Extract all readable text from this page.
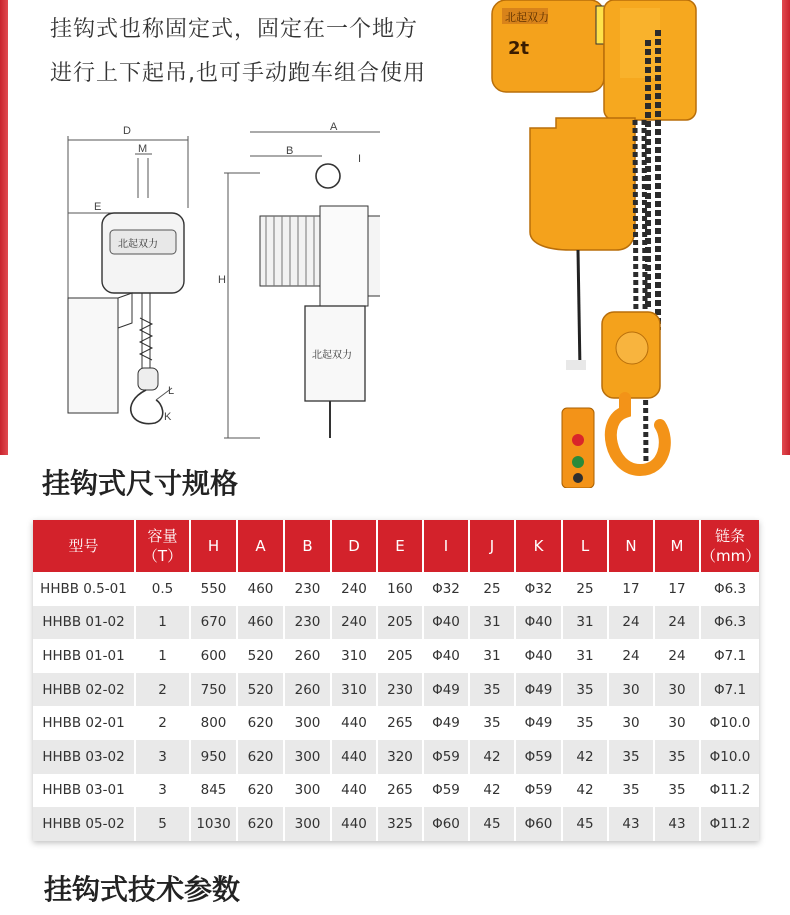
挂钩式也称固定式，固定在一个地方
进行上下起吊,也可手动跑车组合使用
D
M
E
北起双力
L
K
A
B
I
H
北起双力
北起双力
2t
挂钩式尺寸规格
型号	容量
（T）	H	A	B	D	E	I	J	K	L	N	M	链条
（mm）
HHBB 0.5-01	0.5	550	460	230	240	160	Φ32	25	Φ32	25	17	17	Φ6.3
HHBB 01-02	1	670	460	230	240	205	Φ40	31	Φ40	31	24	24	Φ6.3
HHBB 01-01	1	600	520	260	310	205	Φ40	31	Φ40	31	24	24	Φ7.1
HHBB 02-02	2	750	520	260	310	230	Φ49	35	Φ49	35	30	30	Φ7.1
HHBB 02-01	2	800	620	300	440	265	Φ49	35	Φ49	35	30	30	Φ10.0
HHBB 03-02	3	950	620	300	440	320	Φ59	42	Φ59	42	35	35	Φ10.0
HHBB 03-01	3	845	620	300	440	265	Φ59	42	Φ59	42	35	35	Φ11.2
HHBB 05-02	5	1030	620	300	440	325	Φ60	45	Φ60	45	43	43	Φ11.2
挂钩式技术参数
